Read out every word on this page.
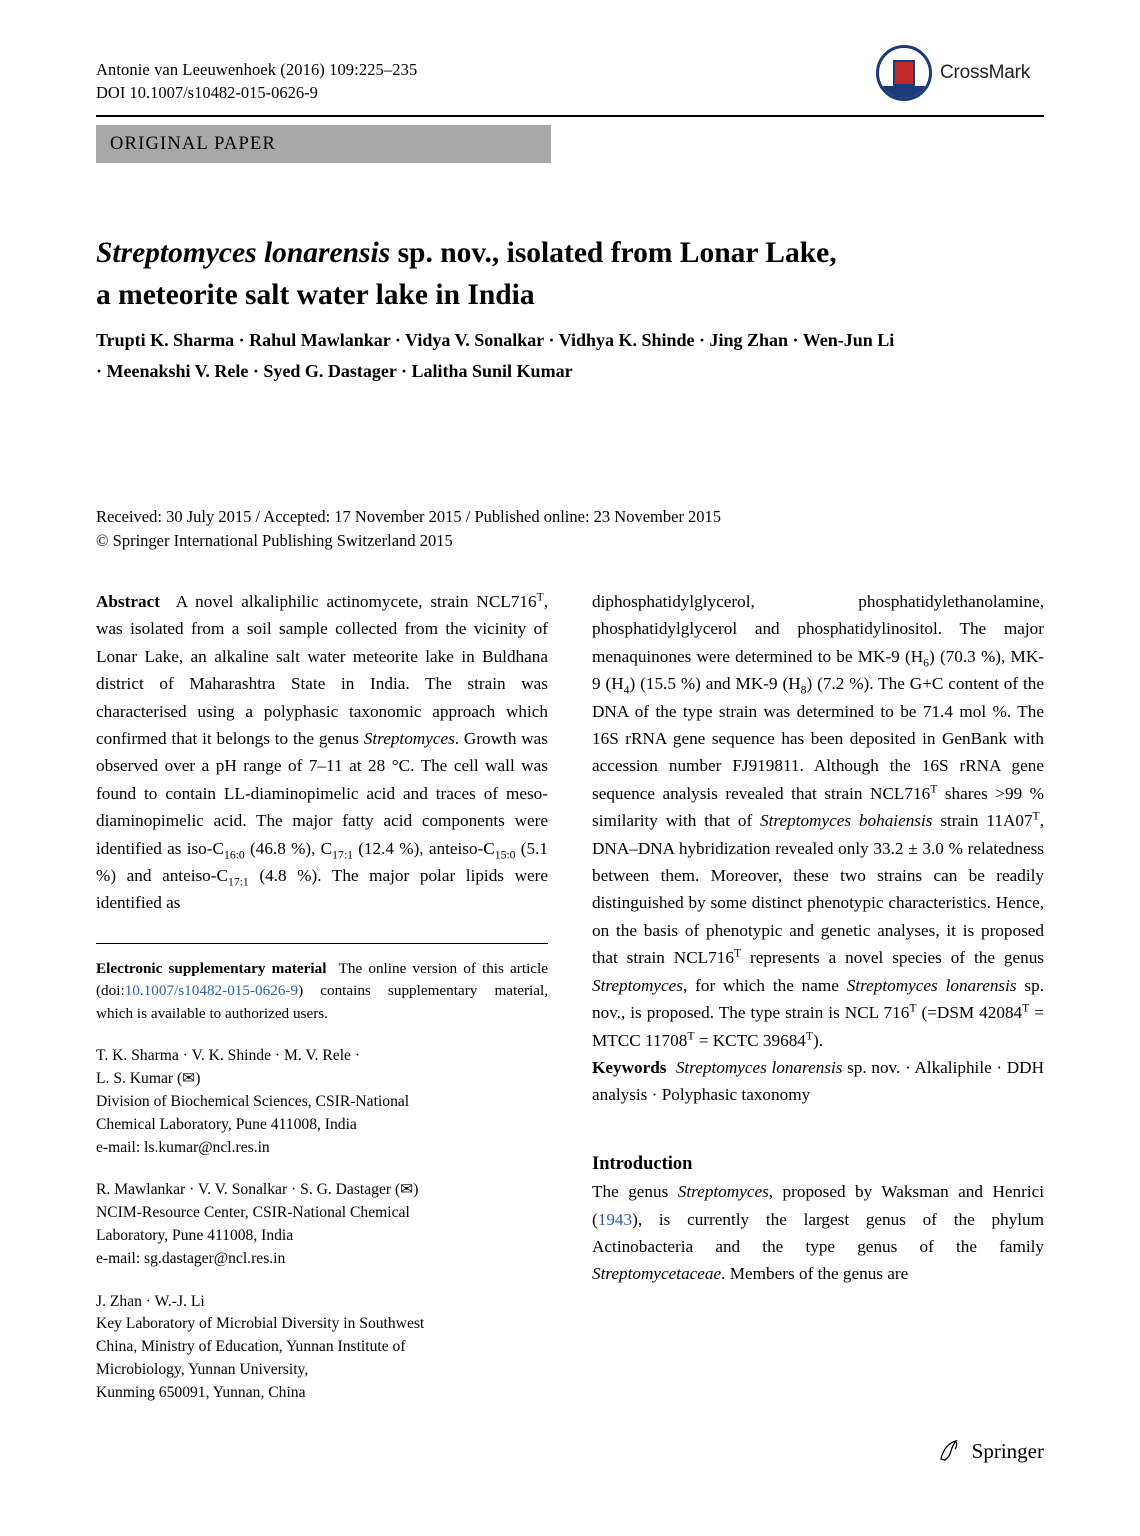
Antonie van Leeuwenhoek (2016) 109:225–235
DOI 10.1007/s10482-015-0626-9
CrossMark
ORIGINAL PAPER
Streptomyces lonarensis sp. nov., isolated from Lonar Lake,
a meteorite salt water lake in India
Trupti K. Sharma · Rahul Mawlankar · Vidya V. Sonalkar · Vidhya K. Shinde · Jing Zhan · Wen-Jun Li · Meenakshi V. Rele · Syed G. Dastager · Lalitha Sunil Kumar
Received: 30 July 2015 / Accepted: 17 November 2015 / Published online: 23 November 2015
© Springer International Publishing Switzerland 2015

Abstract A novel alkaliphilic actinomycete, strain $NCL716^T$, was isolated from a soil sample collected from the vicinity of Lonar Lake, an alkaline salt water meteorite lake in Buldhana district of Maharashtra State in India. The strain was characterised using a polyphasic taxonomic approach which confirmed that it belongs to the genus Streptomyces. Growth was observed over a pH range of 7–11 at 28 °C. The cell wall was found to contain LL-diaminopimelic acid and traces of meso-diaminopimelic acid. The major fatty acid components were identified as iso-$C_{16:0}$ (46.8 %), $C_{17:1}$ (12.4 %), anteiso-$C_{15:0}$ (5.1 %) and anteiso-$C_{17:1}$ (4.8 %). The major polar lipids were identified as

Electronic supplementary material The online version of this article (doi:10.1007/s10482-015-0626-9) contains supplementary material, which is available to authorized users.

T. K. Sharma · V. K. Shinde · M. V. Rele ·
L. S. Kumar (✉)
Division of Biochemical Sciences, CSIR-National
Chemical Laboratory, Pune 411008, India
e-mail: ls.kumar@ncl.res.in
R. Mawlankar · V. V. Sonalkar · S. G. Dastager (✉)
NCIM-Resource Center, CSIR-National Chemical
Laboratory, Pune 411008, India
e-mail: sg.dastager@ncl.res.in
J. Zhan · W.-J. Li
Key Laboratory of Microbial Diversity in Southwest
China, Ministry of Education, Yunnan Institute of
Microbiology, Yunnan University,
Kunming 650091, Yunnan, China

diphosphatidylglycerol, phosphatidylethanolamine, phosphatidylglycerol and phosphatidylinositol. The major menaquinones were determined to be MK-9 $(H_6)$ (70.3 %), MK-9 $(H_4)$ (15.5 %) and MK-9 $(H_8)$ (7.2 %). The G+C content of the DNA of the type strain was determined to be 71.4 mol %. The 16S rRNA gene sequence has been deposited in GenBank with accession number FJ919811. Although the 16S rRNA gene sequence analysis revealed that strain $NCL716^T$ shares >99 % similarity with that of Streptomyces bohaiensis strain $11A07^T$, DNA–DNA hybridization revealed only 33.2 ± 3.0 % relatedness between them. Moreover, these two strains can be readily distinguished by some distinct phenotypic characteristics. Hence, on the basis of phenotypic and genetic analyses, it is proposed that strain $NCL716^T$ represents a novel species of the genus Streptomyces, for which the name Streptomyces lonarensis sp. nov., is proposed. The type strain is NCL $716^T$ (=DSM $42084^T$ = MTCC $11708^T$ = KCTC $39684^T$).

Keywords Streptomyces lonarensis sp. nov. · Alkaliphile · DDH analysis · Polyphasic taxonomy

Introduction

The genus Streptomyces, proposed by Waksman and Henrici (1943), is currently the largest genus of the phylum Actinobacteria and the type genus of the family Streptomycetaceae. Members of the genus are

Springer
